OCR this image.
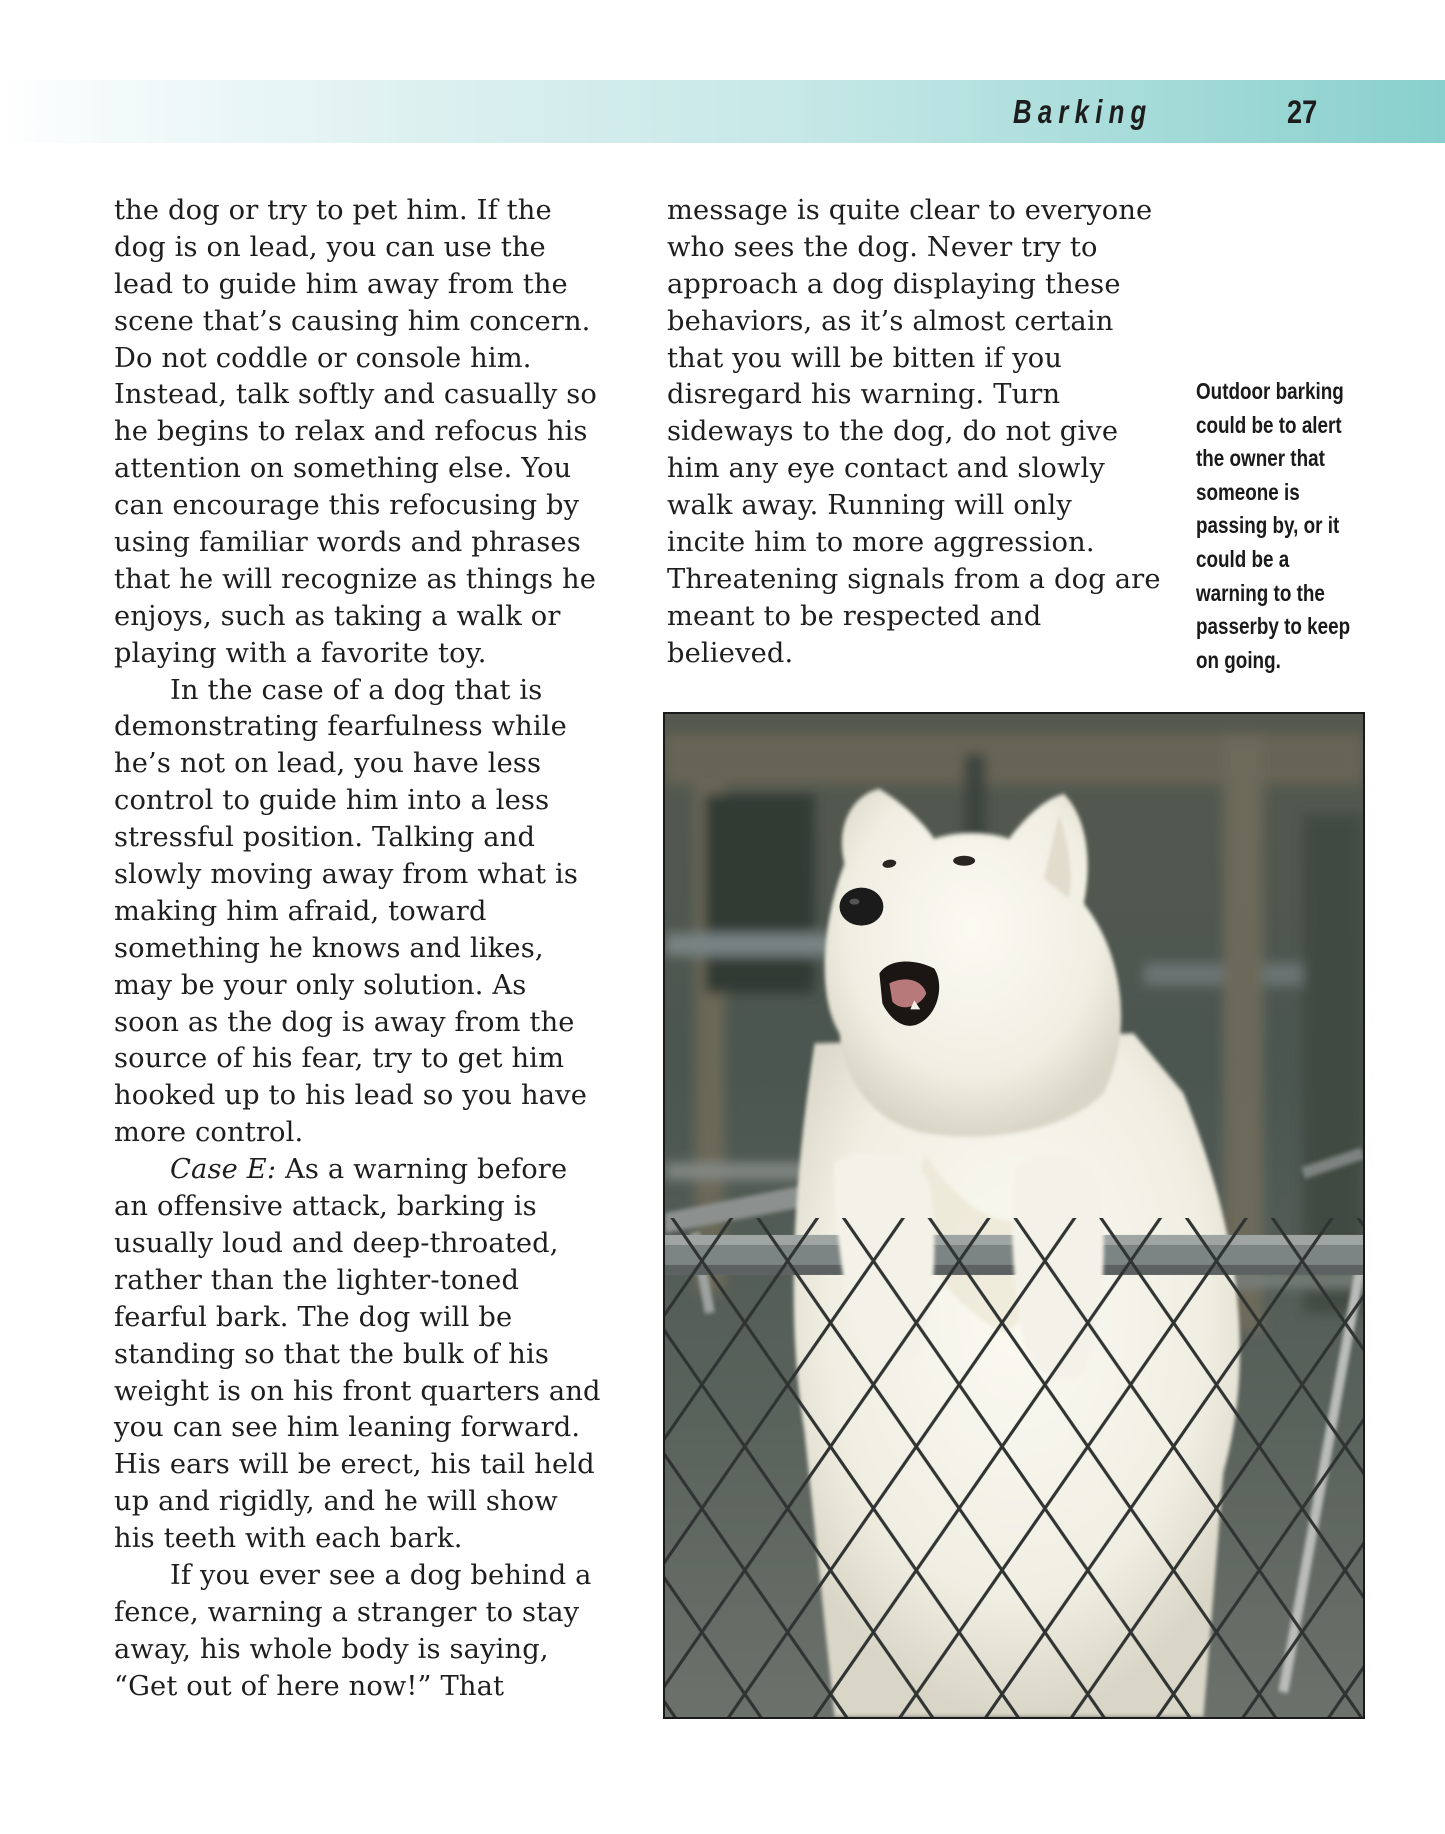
Barking	27
the dog or try to pet him. If the
dog is on lead, you can use the
lead to guide him away from the
scene that’s causing him concern.
Do not coddle or console him.
Instead, talk softly and casually so
he begins to relax and refocus his
attention on something else. You
can encourage this refocusing by
using familiar words and phrases
that he will recognize as things he
enjoys, such as taking a walk or
playing with a favorite toy.
In the case of a dog that is
demonstrating fearfulness while
he’s not on lead, you have less
control to guide him into a less
stressful position. Talking and
slowly moving away from what is
making him afraid, toward
something he knows and likes,
may be your only solution. As
soon as the dog is away from the
source of his fear, try to get him
hooked up to his lead so you have
more control.
Case E: As a warning before
an offensive attack, barking is
usually loud and deep-throated,
rather than the lighter-toned
fearful bark. The dog will be
standing so that the bulk of his
weight is on his front quarters and
you can see him leaning forward.
His ears will be erect, his tail held
up and rigidly, and he will show
his teeth with each bark.
If you ever see a dog behind a
fence, warning a stranger to stay
away, his whole body is saying,
“Get out of here now!” That
message is quite clear to everyone
who sees the dog. Never try to
approach a dog displaying these
behaviors, as it’s almost certain
that you will be bitten if you
disregard his warning. Turn
sideways to the dog, do not give
him any eye contact and slowly
walk away. Running will only
incite him to more aggression.
Threatening signals from a dog are
meant to be respected and
believed.
Outdoor barking
could be to alert
the owner that
someone is
passing by, or it
could be a
warning to the
passerby to keep
on going.
